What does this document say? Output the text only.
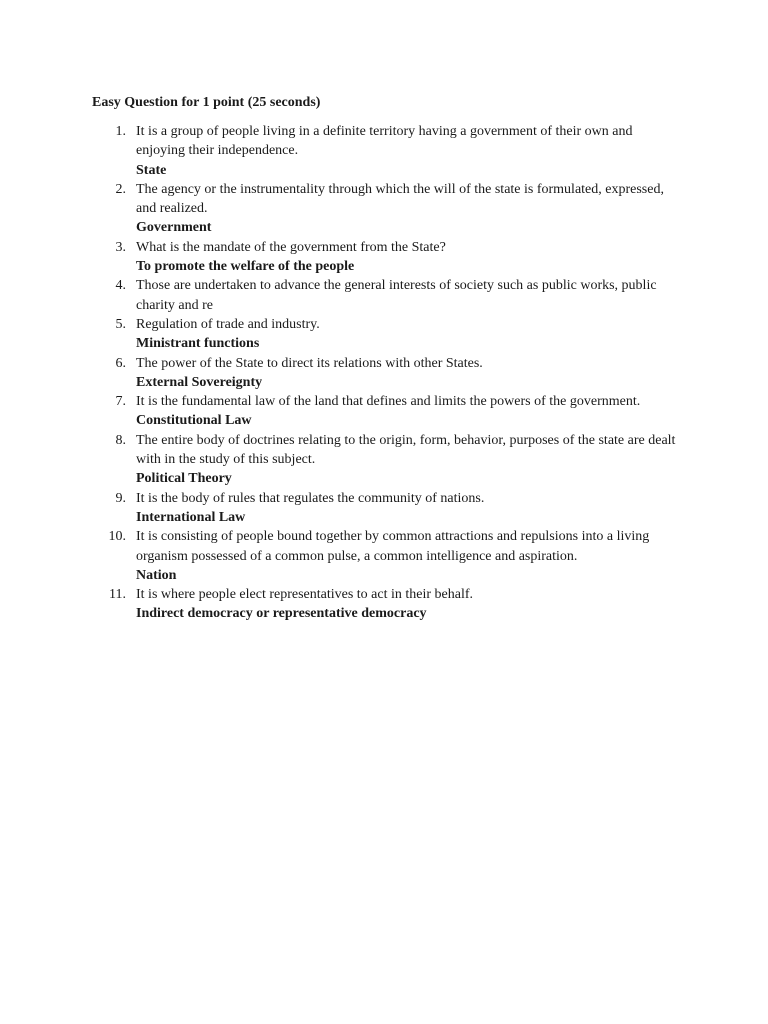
Easy Question for 1 point (25 seconds)
1. It is a group of people living in a definite territory having a government of their own and enjoying their independence.
State
2. The agency or the instrumentality through which the will of the state is formulated, expressed, and realized.
Government
3. What is the mandate of the government from the State?
To promote the welfare of the people
4. Those are undertaken to advance the general interests of society such as public works, public charity and re
5. Regulation of trade and industry.
Ministrant functions
6. The power of the State to direct its relations with other States.
External Sovereignty
7. It is the fundamental law of the land that defines and limits the powers of the government.
Constitutional Law
8. The entire body of doctrines relating to the origin, form, behavior, purposes of the state are dealt with in the study of this subject.
Political Theory
9. It is the body of rules that regulates the community of nations.
International Law
10. It is consisting of people bound together by common attractions and repulsions into a living organism possessed of a common pulse, a common intelligence and aspiration.
Nation
11. It is where people elect representatives to act in their behalf.
Indirect democracy or representative democracy
